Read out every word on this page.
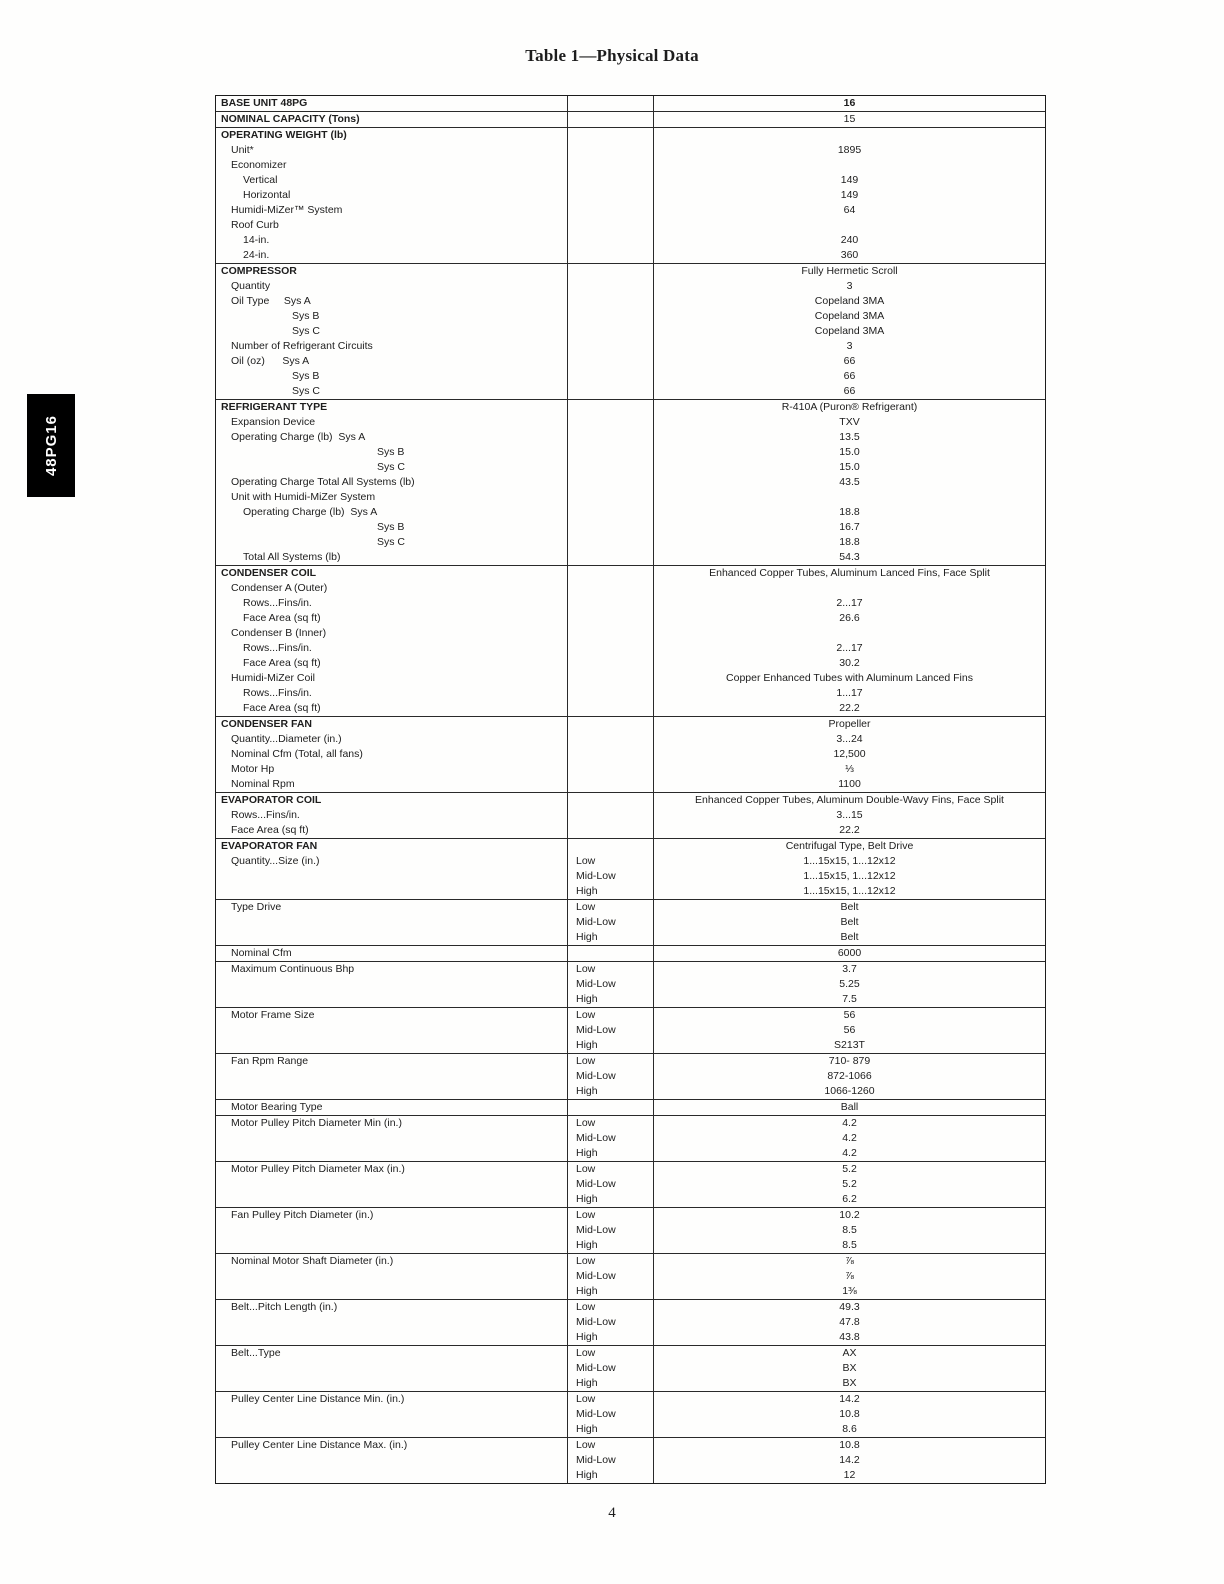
Table 1—Physical Data
48PG16
BASE UNIT 48PG	16
NOMINAL CAPACITY (Tons)	15
OPERATING WEIGHT (lb)
Unit*	1895
Economizer
Vertical	149
Horizontal	149
Humidi-MiZer™ System	64
Roof Curb
14-in.	240
24-in.	360
COMPRESSOR	Fully Hermetic Scroll
Quantity	3
Oil Type     Sys A	Copeland 3MA
Sys B	Copeland 3MA
Sys C	Copeland 3MA
Number of Refrigerant Circuits	3
Oil (oz)      Sys A	66
Sys B	66
Sys C	66
REFRIGERANT TYPE	R-410A (Puron® Refrigerant)
Expansion Device	TXV
Operating Charge (lb)  Sys A	13.5
Sys B	15.0
Sys C	15.0
Operating Charge Total All Systems (lb)	43.5
Unit with Humidi-MiZer System
Operating Charge (lb)  Sys A	18.8
Sys B	16.7
Sys C	18.8
Total All Systems (lb)	54.3
CONDENSER COIL	Enhanced Copper Tubes, Aluminum Lanced Fins, Face Split
Condenser A (Outer)
Rows...Fins/in.	2...17
Face Area (sq ft)	26.6
Condenser B (Inner)
Rows...Fins/in.	2...17
Face Area (sq ft)	30.2
Humidi-MiZer Coil	Copper Enhanced Tubes with Aluminum Lanced Fins
Rows...Fins/in.	1...17
Face Area (sq ft)	22.2
CONDENSER FAN	Propeller
Quantity...Diameter (in.)	3...24
Nominal Cfm (Total, all fans)	12,500
Motor Hp	⅓
Nominal Rpm	1100
EVAPORATOR COIL	Enhanced Copper Tubes, Aluminum Double-Wavy Fins, Face Split
Rows...Fins/in.	3...15
Face Area (sq ft)	22.2
EVAPORATOR FAN	Centrifugal Type, Belt Drive
Quantity...Size (in.)	Low	1...15x15, 1...12x12
Mid-Low	1...15x15, 1...12x12
High	1...15x15, 1...12x12
Type Drive	Low	Belt
Mid-Low	Belt
High	Belt
Nominal Cfm	6000
Maximum Continuous Bhp	Low	3.7
Mid-Low	5.25
High	7.5
Motor Frame Size	Low	56
Mid-Low	56
High	S213T
Fan Rpm Range	Low	710- 879
Mid-Low	872-1066
High	1066-1260
Motor Bearing Type	Ball
Motor Pulley Pitch Diameter Min (in.)	Low	4.2
Mid-Low	4.2
High	4.2
Motor Pulley Pitch Diameter Max (in.)	Low	5.2
Mid-Low	5.2
High	6.2
Fan Pulley Pitch Diameter (in.)	Low	10.2
Mid-Low	8.5
High	8.5
Nominal Motor Shaft Diameter (in.)	Low	⅞
Mid-Low	⅞
High	1⅜
Belt...Pitch Length (in.)	Low	49.3
Mid-Low	47.8
High	43.8
Belt...Type	Low	AX
Mid-Low	BX
High	BX
Pulley Center Line Distance Min. (in.)	Low	14.2
Mid-Low	10.8
High	8.6
Pulley Center Line Distance Max. (in.)	Low	10.8
Mid-Low	14.2
High	12
4
